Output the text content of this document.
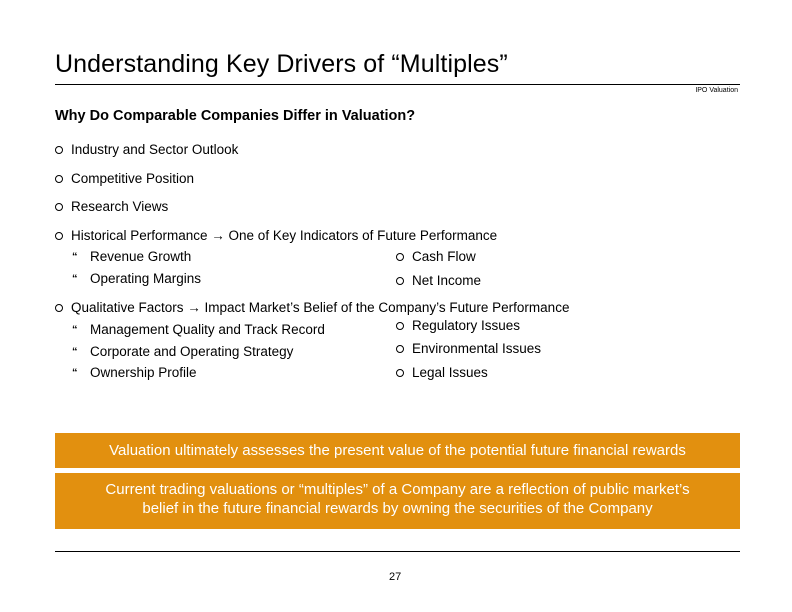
Understanding Key Drivers of “Multiples”
IPO Valuation
Why Do Comparable Companies Differ in Valuation?
Industry and Sector Outlook
Competitive Position
Research Views
Historical Performance → One of Key Indicators of Future Performance
“ Revenue Growth
“ Operating Margins
Cash Flow
Net Income
Qualitative Factors → Impact Market’s Belief of the Company’s Future Performance
“ Management Quality and Track Record
“ Corporate and Operating Strategy
“ Ownership Profile
Regulatory Issues
Environmental Issues
Legal Issues
Valuation ultimately assesses the present value of the potential future financial rewards
Current trading valuations or “multiples” of a Company are a reflection of public market’s
belief in the future financial rewards by owning the securities of the Company
27
